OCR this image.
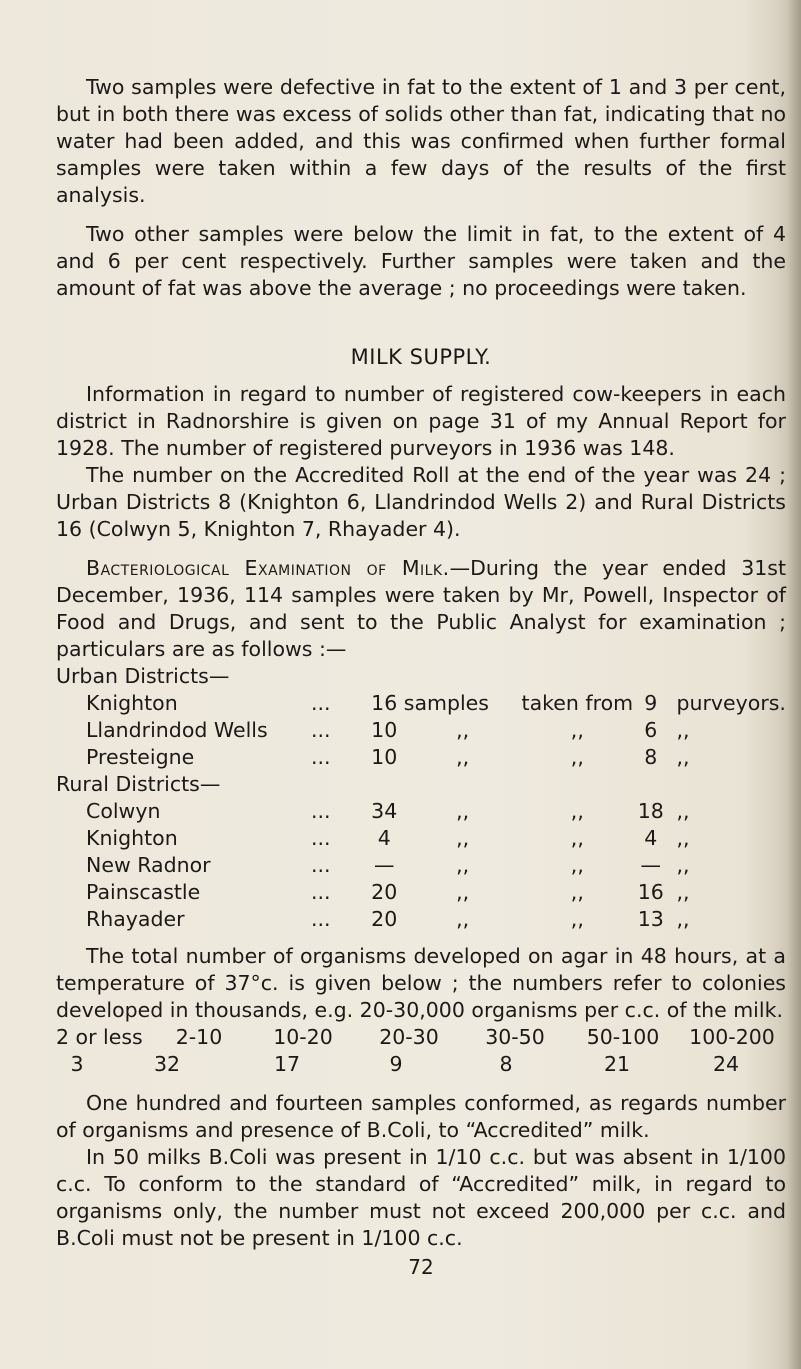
Two samples were defective in fat to the extent of 1 and 3 per cent, but in both there was excess of solids other than fat, indicating that no water had been added, and this was confirmed when further formal samples were taken within a few days of the results of the first analysis.

Two other samples were below the limit in fat, to the extent of 4 and 6 per cent respectively. Further samples were taken and the amount of fat was above the average ; no proceedings were taken.

MILK SUPPLY.

Information in regard to number of registered cow-keepers in each district in Radnorshire is given on page 31 of my Annual Report for 1928. The number of registered purveyors in 1936 was 148.

The number on the Accredited Roll at the end of the year was 24 ; Urban Districts 8 (Knighton 6, Llandrindod Wells 2) and Rural Districts 16 (Colwyn 5, Knighton 7, Rhayader 4).

Bacteriological Examination of Milk.—During the year ended 31st December, 1936, 114 samples were taken by Mr, Powell, Inspector of Food and Drugs, and sent to the Public Analyst for examination ; particulars are as follows :—

Urban Districts—						
Knighton	...	16	samples	taken from	9	purveyors.
Llandrindod Wells	...	10	,,	,,	6	,,
Presteigne	...	10	,,	,,	8	,,
Rural Districts—						
Colwyn	...	34	,,	,,	18	,,
Knighton	...	4	,,	,,	4	,,
New Radnor	...	—	,,	,,	—	,,
Painscastle	...	20	,,	,,	16	,,
Rhayader	...	20	,,	,,	13	,,

The total number of organisms developed on agar in 48 hours, at a temperature of 37°c. is given below ; the numbers refer to colonies developed in thousands, e.g. 20-30,000 organisms per c.c. of the milk.

2 or less	2-10	10-20	20-30	30-50	50-100	100-200
3	32	17	9	8	21	24

One hundred and fourteen samples conformed, as regards number of organisms and presence of B.Coli, to “Accredited” milk.

In 50 milks B.Coli was present in 1/10 c.c. but was absent in 1/100 c.c. To conform to the standard of “Accredited” milk, in regard to organisms only, the number must not exceed 200,000 per c.c. and B.Coli must not be present in 1/100 c.c.

72
